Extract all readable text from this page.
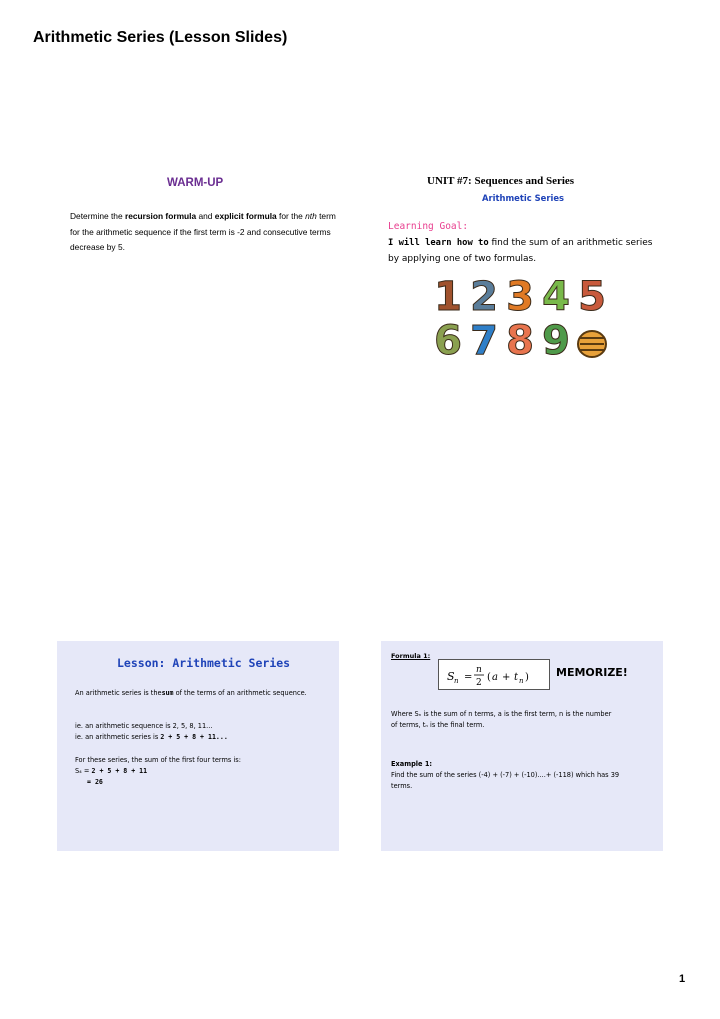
Arithmetic Series (Lesson Slides)
WARM-UP
Determine the recursion formula and explicit formula for the nth term for the arithmetic sequence if the first term is -2 and consecutive terms decrease by 5.
UNIT #7: Sequences and Series
Arithmetic Series
Learning Goal:
I will learn how to find the sum of an arithmetic series by applying one of two formulas.
1 2 3 4 5
6 7 8 9
Lesson: Arithmetic Series
An arithmetic series is thesum of the terms of an arithmetic sequence.
ie. an arithmetic sequence is 2, 5, 8, 11...
ie. an arithmetic series is 2 + 5 + 8 + 11...
For these series, the sum of the first four terms is:
S₄ = 2 + 5 + 8 + 11
= 26
Formula 1:
S n =
n
2 ( a + t n ) MEMORIZE!
Where Sₙ is the sum of n terms, a is the first term, n is the number
of terms, tₙ is the final term.
Example 1:
Find the sum of the series (-4) + (-7) + (-10)....+ (-118) which has 39
terms.
1
